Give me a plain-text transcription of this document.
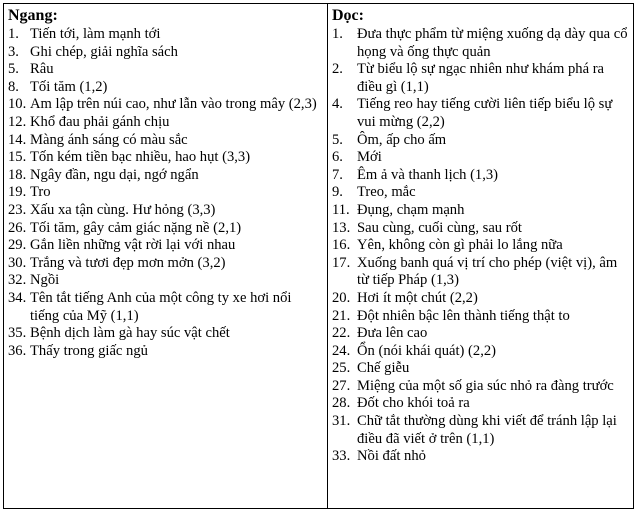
Ngang:
1. Tiến tới, làm mạnh tới
3. Ghi chép, giải nghĩa sách
5. Râu
8. Tối tăm (1,2)
10. Am lập trên núi cao, như lẫn vào trong mây (2,3)
12. Khổ đau phải gánh chịu
14. Màng ánh sáng có màu sắc
15. Tốn kém tiền bạc nhiều, hao hụt (3,3)
18. Ngây đần, ngu dại, ngớ ngẩn
19. Tro
23. Xấu xa tận cùng. Hư hỏng (3,3)
26. Tối tăm, gây cảm giác nặng nề (2,1)
29. Gắn liền những vật rời lại với nhau
30. Trắng và tươi đẹp mơn mởn (3,2)
32. Ngồi
34. Tên tắt tiếng Anh của một công ty xe hơi nổi tiếng của Mỹ (1,1)
35. Bệnh dịch làm gà hay súc vật chết
36. Thấy trong giấc ngủ
Dọc:
1. Đưa thực phẩm từ miệng xuống dạ dày qua cổ họng và ống thực quản
2. Từ biểu lộ sự ngạc nhiên như khám phá ra điều gì (1,1)
4. Tiếng reo hay tiếng cười liên tiếp biểu lộ sự vui mừng (2,2)
5. Ôm, ấp cho ấm
6. Mới
7. Êm ả và thanh lịch (1,3)
9. Treo, mắc
11. Đụng, chạm mạnh
13. Sau cùng, cuối cùng, sau rốt
16. Yên, không còn gì phải lo lắng nữa
17. Xuống banh quá vị trí cho phép (việt vị), âm từ tiếp Pháp (1,3)
20. Hơi ít một chút (2,2)
21. Đột nhiên bậc lên thành tiếng thật to
22. Đưa lên cao
24. Ổn (nói khái quát) (2,2)
25. Chế giễu
27. Miệng của một số gia súc nhỏ ra đàng trước
28. Đốt cho khói toả ra
31. Chữ tắt thường dùng khi viết để tránh lập lại điều đã viết ở trên (1,1)
33. Nồi đất nhỏ
